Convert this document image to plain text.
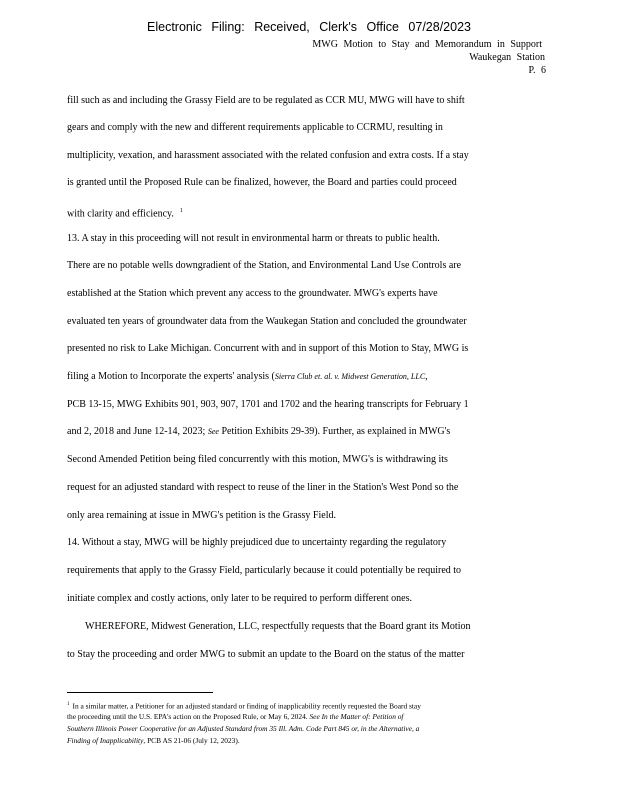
Electronic Filing: Received, Clerk's Office 07/28/2023
MWG Motion to Stay and Memorandum in Support
Waukegan Station
P. 6
fill such as and including the Grassy Field are to be regulated as CCR MU, MWG will have to shift
gears and comply with the new and different requirements applicable to CCRMU, resulting in
multiplicity, vexation, and harassment associated with the related confusion and extra costs. If a stay
is granted until the Proposed Rule can be finalized, however, the Board and parties could proceed
with clarity and efficiency. $^1$
13. A stay in this proceeding will not result in environmental harm or threats to public health.
There are no potable wells downgradient of the Station, and Environmental Land Use Controls are
established at the Station which prevent any access to the groundwater. MWG's experts have
evaluated ten years of groundwater data from the Waukegan Station and concluded the groundwater
presented no risk to Lake Michigan. Concurrent with and in support of this Motion to Stay, MWG is
filing a Motion to Incorporate the experts' analysis (Sierra Club et. al. v. Midwest Generation, LLC,
PCB 13-15, MWG Exhibits 901, 903, 907, 1701 and 1702 and the hearing transcripts for February 1
and 2, 2018 and June 12-14, 2023; See Petition Exhibits 29-39). Further, as explained in MWG's
Second Amended Petition being filed concurrently with this motion, MWG's is withdrawing its
request for an adjusted standard with respect to reuse of the liner in the Station's West Pond so the
only area remaining at issue in MWG's petition is the Grassy Field.
14. Without a stay, MWG will be highly prejudiced due to uncertainty regarding the regulatory
requirements that apply to the Grassy Field, particularly because it could potentially be required to
initiate complex and costly actions, only later to be required to perform different ones.
WHEREFORE, Midwest Generation, LLC, respectfully requests that the Board grant its Motion
to Stay the proceeding and order MWG to submit an update to the Board on the status of the matter
$^1$ In a similar matter, a Petitioner for an adjusted standard or finding of inapplicability recently requested the Board stay
the proceeding until the U.S. EPA's action on the Proposed Rule, or May 6, 2024. See In the Matter of: Petition of
Southern Illinois Power Cooperative for an Adjusted Standard from 35 Ill. Adm. Code Part 845 or, in the Alternative, a
Finding of Inapplicability, PCB AS 21-06 (July 12, 2023).
